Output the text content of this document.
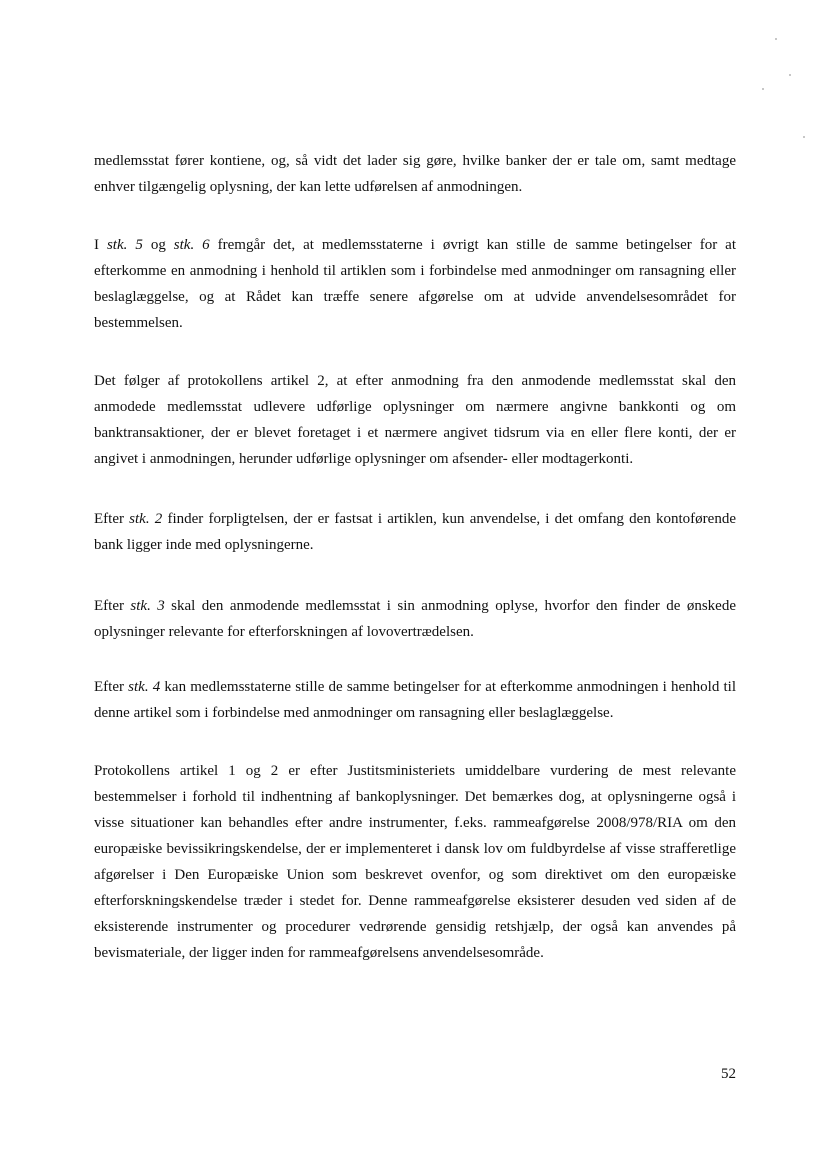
medlemsstat fører kontiene, og, så vidt det lader sig gøre, hvilke banker der er tale om, samt medtage enhver tilgængelig oplysning, der kan lette udførelsen af anmodningen.

I stk. 5 og stk. 6 fremgår det, at medlemsstaterne i øvrigt kan stille de samme betingelser for at efterkomme en anmodning i henhold til artiklen som i forbindelse med anmodninger om ransagning eller beslaglæggelse, og at Rådet kan træffe senere afgørelse om at udvide anvendelsesområdet for bestemmelsen.

Det følger af protokollens artikel 2, at efter anmodning fra den anmodende medlemsstat skal den anmodede medlemsstat udlevere udførlige oplysninger om nærmere angivne bankkonti og om banktransaktioner, der er blevet foretaget i et nærmere angivet tidsrum via en eller flere konti, der er angivet i anmodningen, herunder udførlige oplysninger om afsender- eller modtagerkonti.

Efter stk. 2 finder forpligtelsen, der er fastsat i artiklen, kun anvendelse, i det omfang den kontoførende bank ligger inde med oplysningerne.

Efter stk. 3 skal den anmodende medlemsstat i sin anmodning oplyse, hvorfor den finder de ønskede oplysninger relevante for efterforskningen af lovovertrædelsen.

Efter stk. 4 kan medlemsstaterne stille de samme betingelser for at efterkomme anmodningen i henhold til denne artikel som i forbindelse med anmodninger om ransagning eller beslaglæggelse.

Protokollens artikel 1 og 2 er efter Justitsministeriets umiddelbare vurdering de mest relevante bestemmelser i forhold til indhentning af bankoplysninger. Det bemærkes dog, at oplysningerne også i visse situationer kan behandles efter andre instrumenter, f.eks. rammeafgørelse 2008/978/RIA om den europæiske bevissikringskendelse, der er implementeret i dansk lov om fuldbyrdelse af visse strafferetlige afgørelser i Den Europæiske Union som beskrevet ovenfor, og som direktivet om den europæiske efterforskningskendelse træder i stedet for. Denne rammeafgørelse eksisterer desuden ved siden af de eksisterende instrumenter og procedurer vedrørende gensidig retshjælp, der også kan anvendes på bevismateriale, der ligger inden for rammeafgørelsens anvendelsesområde.

52
